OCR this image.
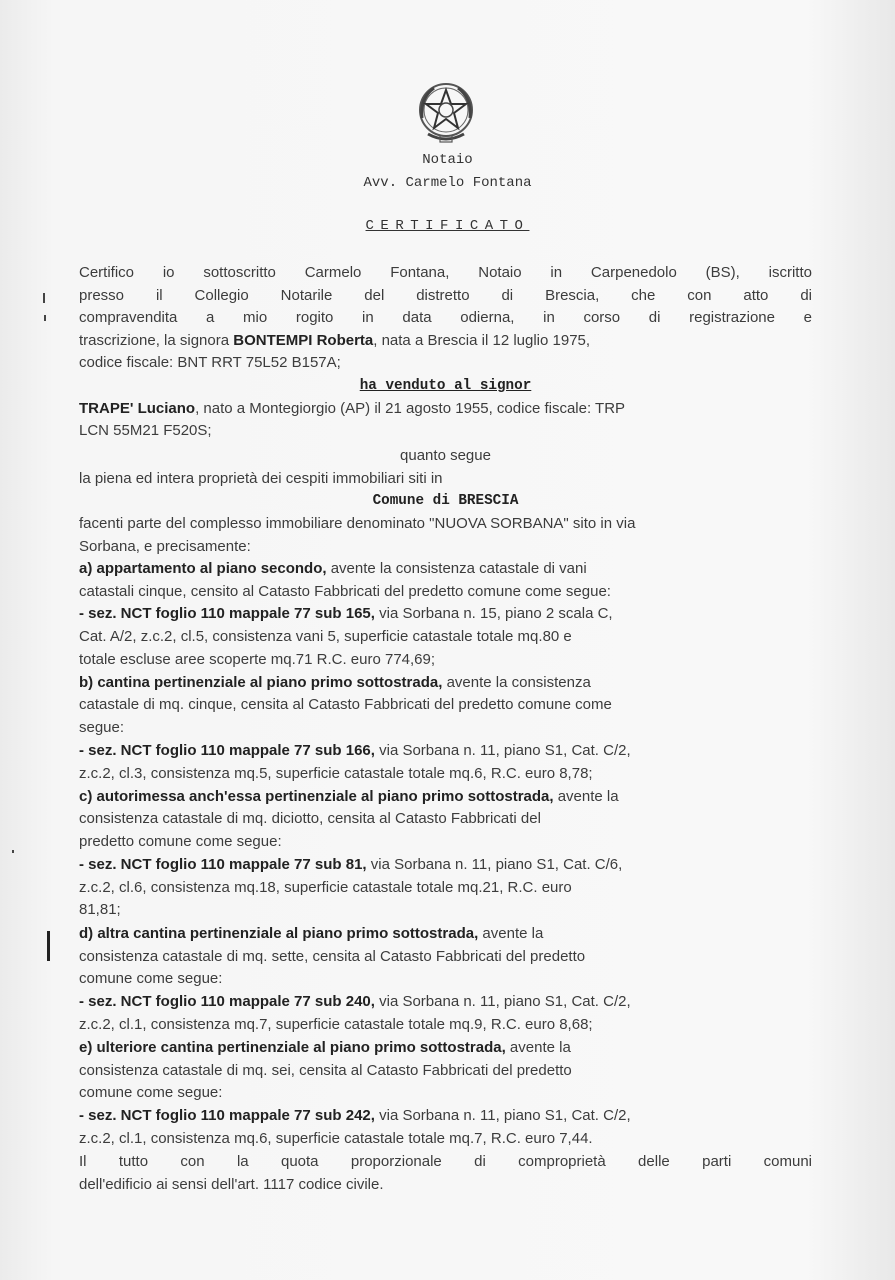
Notaio
Avv. Carmelo Fontana
CERTIFICATO
Certifico io sottoscritto Carmelo Fontana, Notaio in Carpenedolo (BS), iscritto
presso il Collegio Notarile del distretto di Brescia, che con atto di
compravendita a mio rogito in data odierna, in corso di registrazione e
trascrizione, la signora BONTEMPI Roberta, nata a Brescia il 12 luglio 1975,
codice fiscale: BNT RRT 75L52 B157A;
ha venduto al signor
TRAPE' Luciano, nato a Montegiorgio (AP) il 21 agosto 1955, codice fiscale: TRP
LCN 55M21 F520S;
quanto segue
la piena ed intera proprietà dei cespiti immobiliari siti in
Comune di BRESCIA
facenti parte del complesso immobiliare denominato "NUOVA SORBANA" sito in via
Sorbana, e precisamente:
a) appartamento al piano secondo, avente la consistenza catastale di vani
catastali cinque, censito al Catasto Fabbricati del predetto comune come segue:
- sez. NCT foglio 110 mappale 77 sub 165, via Sorbana n. 15, piano 2 scala C,
Cat. A/2, z.c.2, cl.5, consistenza vani 5, superficie catastale totale mq.80 e
totale escluse aree scoperte mq.71 R.C. euro 774,69;
b) cantina pertinenziale al piano primo sottostrada, avente la consistenza
catastale di mq. cinque, censita al Catasto Fabbricati del predetto comune come
segue:
- sez. NCT foglio 110 mappale 77 sub 166, via Sorbana n. 11, piano S1, Cat. C/2,
z.c.2, cl.3, consistenza mq.5, superficie catastale totale mq.6, R.C. euro 8,78;
c) autorimessa anch'essa pertinenziale al piano primo sottostrada, avente la
consistenza catastale di mq. diciotto, censita al Catasto Fabbricati del
predetto comune come segue:
- sez. NCT foglio 110 mappale 77 sub 81, via Sorbana n. 11, piano S1, Cat. C/6,
z.c.2, cl.6, consistenza mq.18, superficie catastale totale mq.21, R.C. euro
81,81;
d) altra cantina pertinenziale al piano primo sottostrada, avente la
consistenza catastale di mq. sette, censita al Catasto Fabbricati del predetto
comune come segue:
- sez. NCT foglio 110 mappale 77 sub 240, via Sorbana n. 11, piano S1, Cat. C/2,
z.c.2, cl.1, consistenza mq.7, superficie catastale totale mq.9, R.C. euro 8,68;
e) ulteriore cantina pertinenziale al piano primo sottostrada, avente la
consistenza catastale di mq. sei, censita al Catasto Fabbricati del predetto
comune come segue:
- sez. NCT foglio 110 mappale 77 sub 242, via Sorbana n. 11, piano S1, Cat. C/2,
z.c.2, cl.1, consistenza mq.6, superficie catastale totale mq.7, R.C. euro 7,44.
Il tutto con la quota proporzionale di comproprietà delle parti comuni
dell'edificio ai sensi dell'art. 1117 codice civile.
